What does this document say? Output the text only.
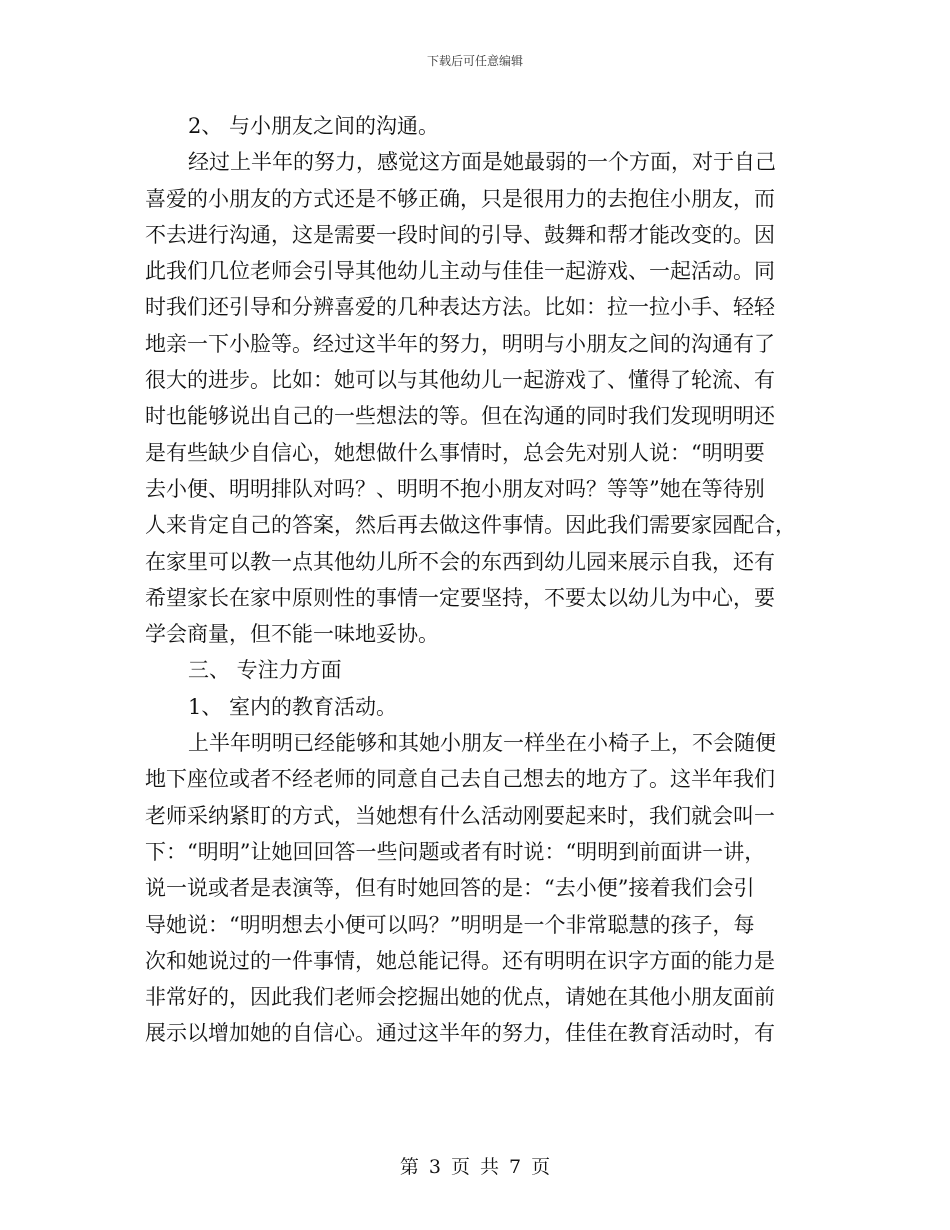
下载后可任意编辑
2、 与小朋友之间的沟通。
经过上半年的努力，感觉这方面是她最弱的一个方面，对于自己
喜爱的小朋友的方式还是不够正确，只是很用力的去抱住小朋友，而
不去进行沟通，这是需要一段时间的引导、鼓舞和帮才能改变的。因
此我们几位老师会引导其他幼儿主动与佳佳一起游戏、一起活动。同
时我们还引导和分辨喜爱的几种表达方法。比如：拉一拉小手、轻轻
地亲一下小脸等。经过这半年的努力，明明与小朋友之间的沟通有了
很大的进步。比如：她可以与其他幼儿一起游戏了、懂得了轮流、有
时也能够说出自己的一些想法的等。但在沟通的同时我们发现明明还
是有些缺少自信心，她想做什么事情时，总会先对别人说：“明明要
去小便、明明排队对吗？、明明不抱小朋友对吗？等等”她在等待别
人来肯定自己的答案，然后再去做这件事情。因此我们需要家园配合，
在家里可以教一点其他幼儿所不会的东西到幼儿园来展示自我，还有
希望家长在家中原则性的事情一定要坚持，不要太以幼儿为中心，要
学会商量，但不能一味地妥协。
三、 专注力方面
1、 室内的教育活动。
上半年明明已经能够和其她小朋友一样坐在小椅子上，不会随便
地下座位或者不经老师的同意自己去自己想去的地方了。这半年我们
老师采纳紧盯的方式，当她想有什么活动刚要起来时，我们就会叫一
下：“明明”让她回回答一些问题或者有时说：“明明到前面讲一讲，
说一说或者是表演等，但有时她回答的是：“去小便”接着我们会引
导她说：“明明想去小便可以吗？”明明是一个非常聪慧的孩子，每
次和她说过的一件事情，她总能记得。还有明明在识字方面的能力是
非常好的，因此我们老师会挖掘出她的优点，请她在其他小朋友面前
展示以增加她的自信心。通过这半年的努力，佳佳在教育活动时，有
第 3 页 共 7 页
